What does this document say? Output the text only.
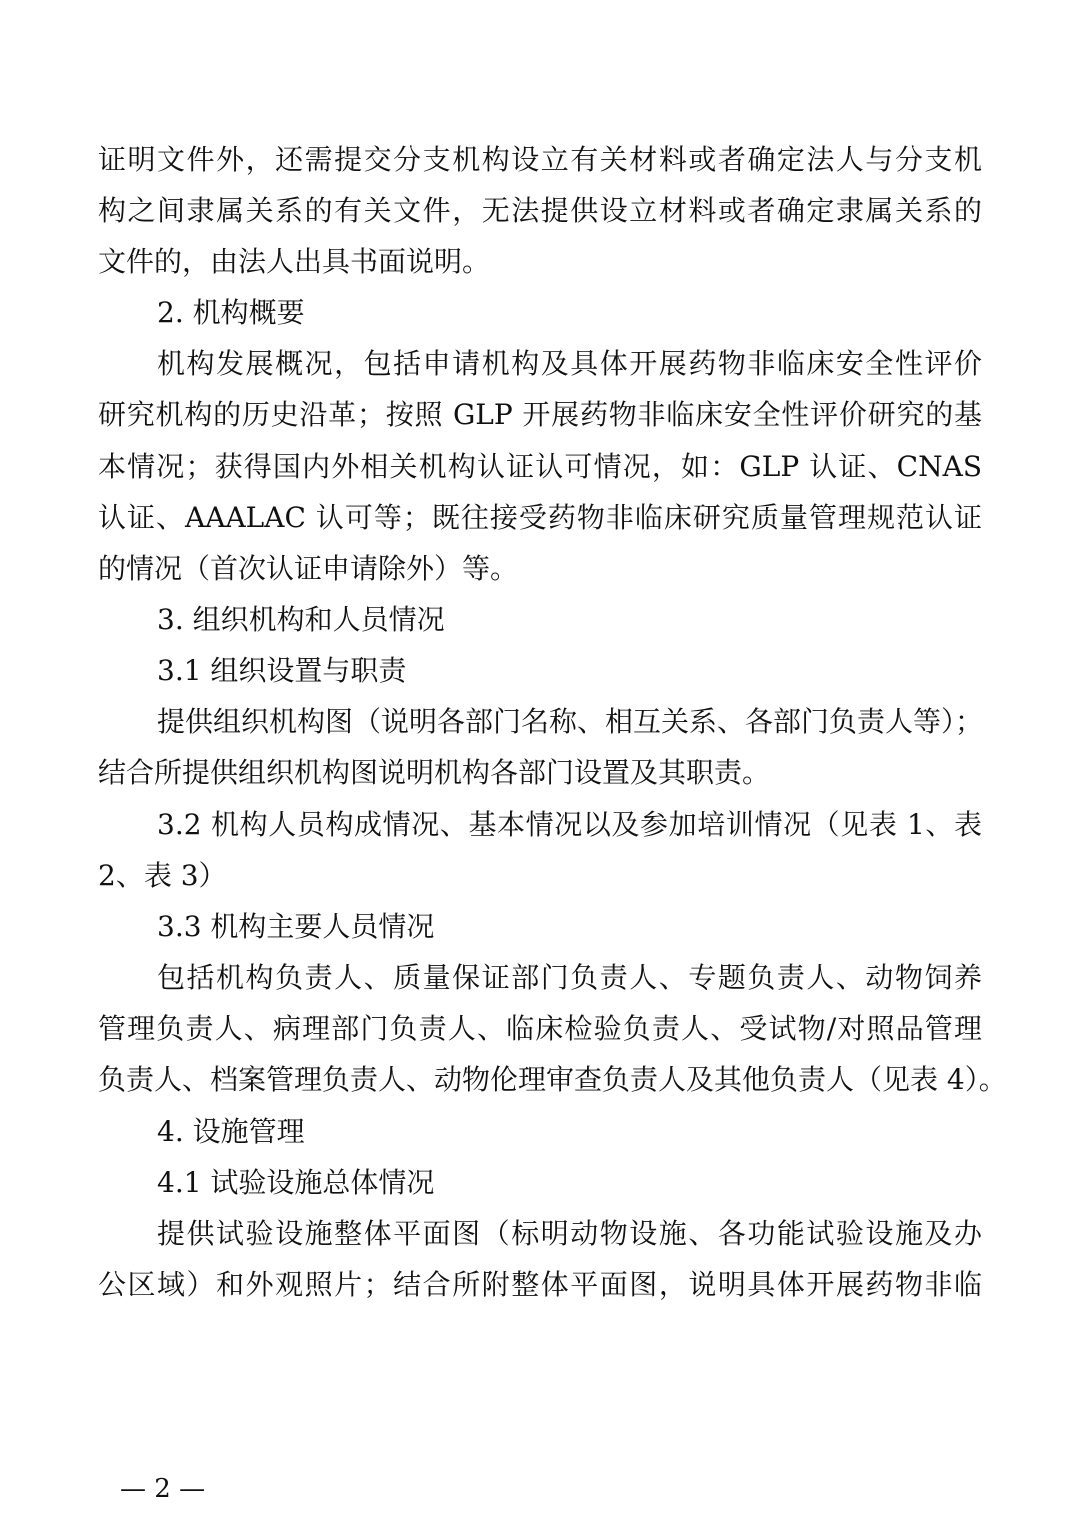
证明文件外，还需提交分支机构设立有关材料或者确定法人与分支机
构之间隶属关系的有关文件，无法提供设立材料或者确定隶属关系的
文件的，由法人出具书面说明。
2. 机构概要
机构发展概况，包括申请机构及具体开展药物非临床安全性评价
研究机构的历史沿革；按照 GLP 开展药物非临床安全性评价研究的基
本情况；获得国内外相关机构认证认可情况，如：GLP 认证、CNAS
认证、AAALAC 认可等；既往接受药物非临床研究质量管理规范认证
的情况（首次认证申请除外）等。
3. 组织机构和人员情况
3.1 组织设置与职责
提供组织机构图（说明各部门名称、相互关系、各部门负责人等）；
结合所提供组织机构图说明机构各部门设置及其职责。
3.2 机构人员构成情况、基本情况以及参加培训情况（见表 1、表
2、表 3）
3.3 机构主要人员情况
包括机构负责人、质量保证部门负责人、专题负责人、动物饲养
管理负责人、病理部门负责人、临床检验负责人、受试物/对照品管理
负责人、档案管理负责人、动物伦理审查负责人及其他负责人（见表 4）。
4. 设施管理
4.1 试验设施总体情况
提供试验设施整体平面图（标明动物设施、各功能试验设施及办
公区域）和外观照片；结合所附整体平面图，说明具体开展药物非临
— 2 —
